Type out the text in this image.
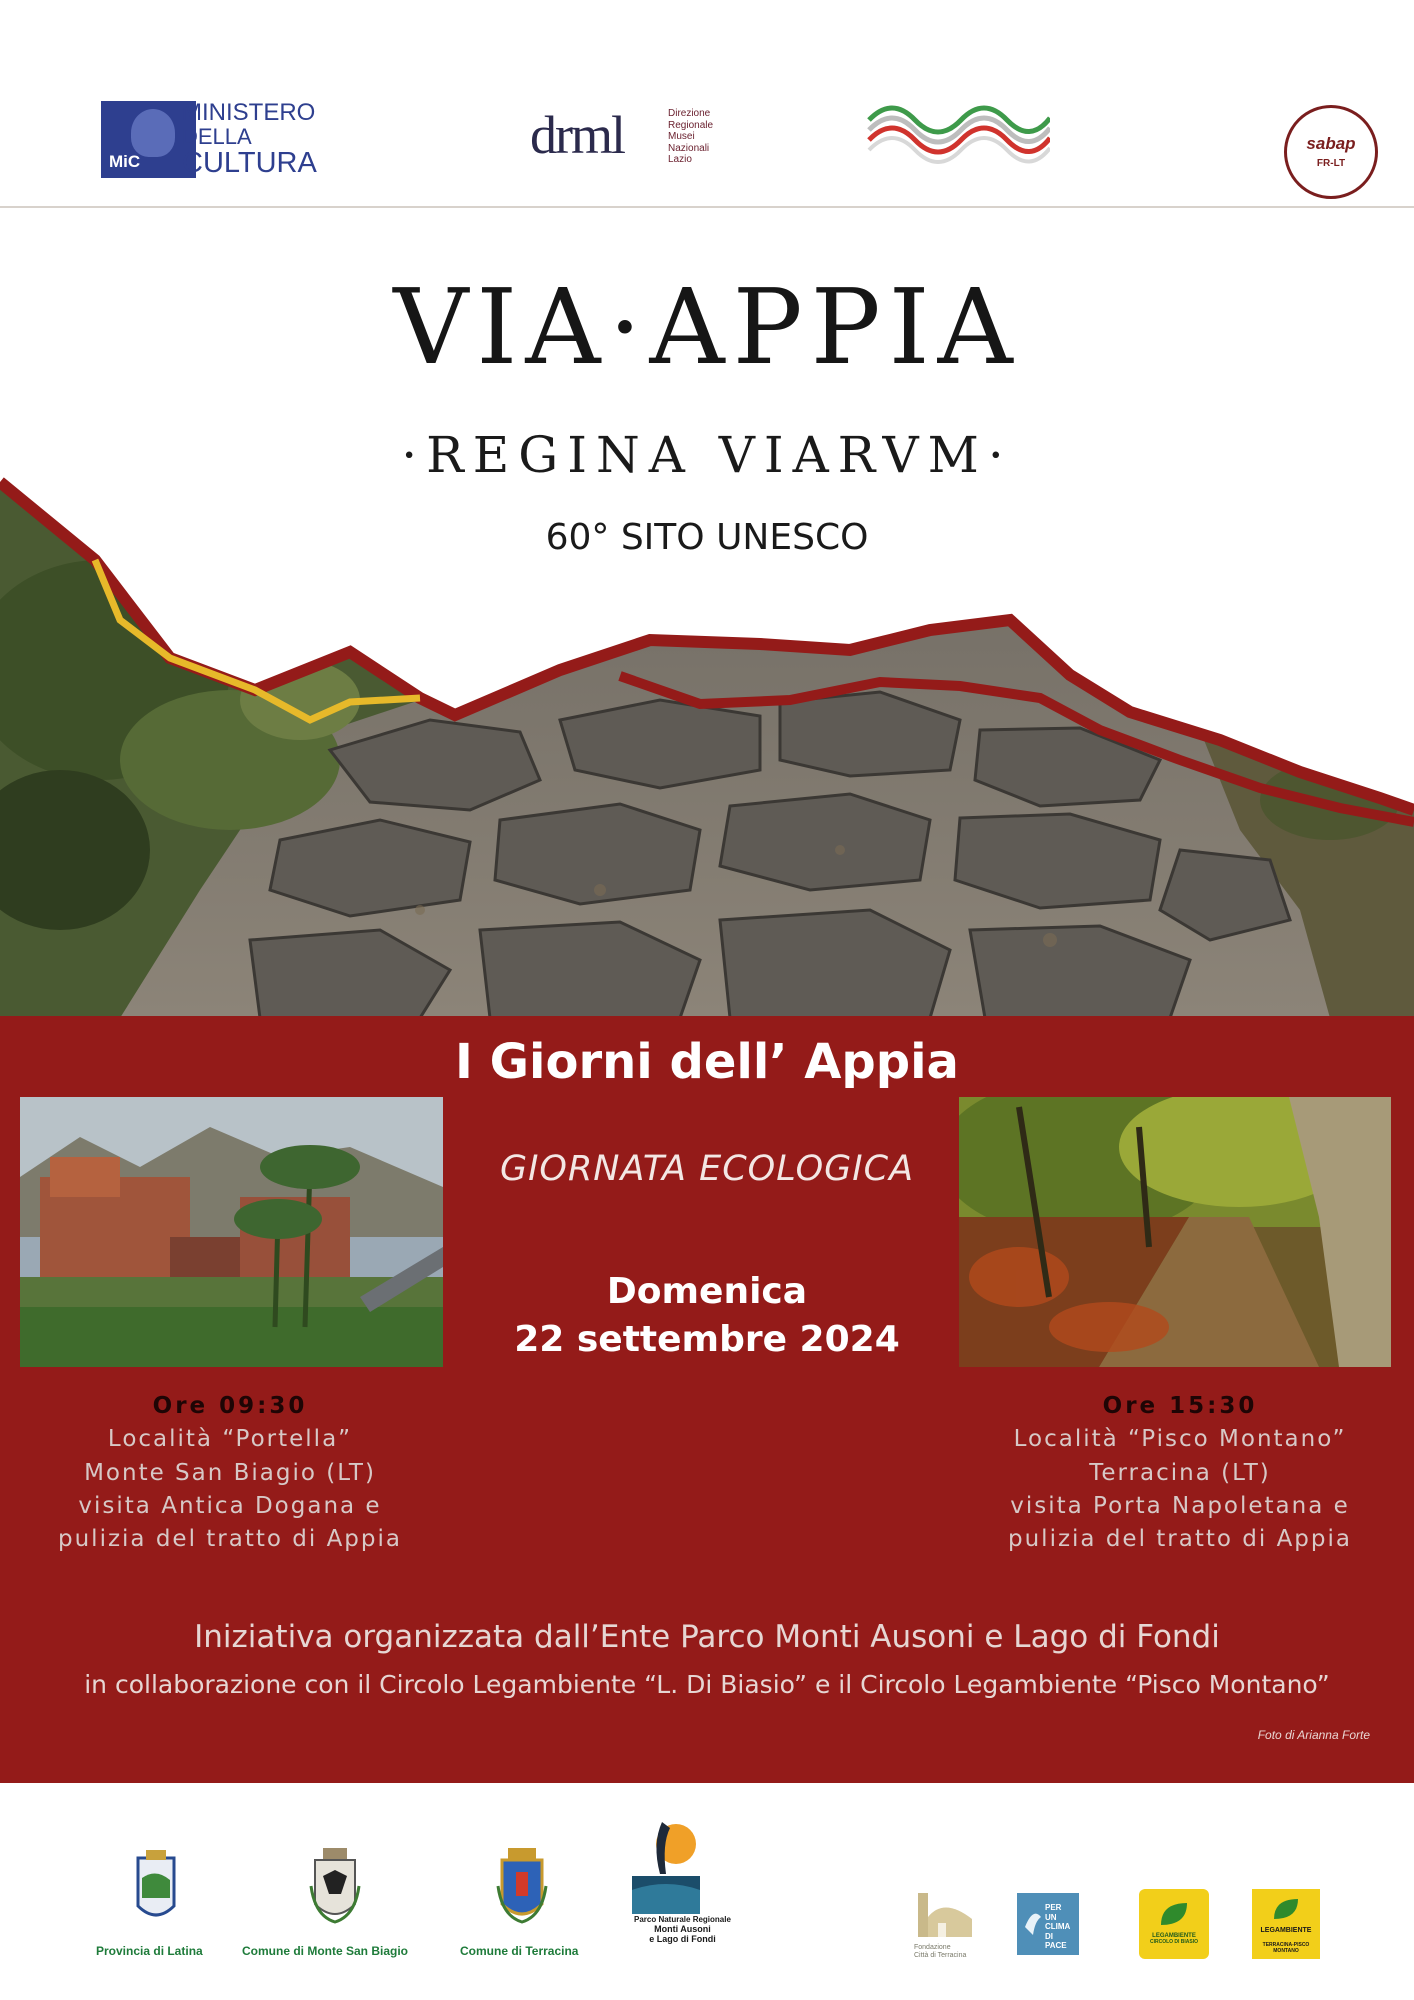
MiC
MINISTERO
DELLA
CULTURA	drml	Direzione
Regionale
Musei
Nazionali
Lazio
sabap
FR-LT
VIA·APPIA
·REGINA VIARVM·
60° SITO UNESCO
I Giorni dell’ Appia
GIORNATA ECOLOGICA
Domenica
22 settembre 2024
Ore 09:30
Località “Portella”
Monte San Biagio (LT)
visita Antica Dogana e
pulizia del tratto di Appia
Ore 15:30
Località “Pisco Montano”
Terracina (LT)
visita Porta Napoletana e
pulizia del tratto di Appia
Iniziativa organizzata dall’Ente Parco Monti Ausoni e Lago di Fondi
in collaborazione con il Circolo Legambiente “L. Di Biasio” e il Circolo Legambiente “Pisco Montano”
Foto di Arianna Forte
Provincia di Latina	Comune di Monte San Biagio	Comune di Terracina
Parco Naturale Regionale
Monti Ausoni
e Lago di Fondi
Fondazione
Città di Terracina
PER UN
CLIMA
DI PACE
LEGAMBIENTE
CIRCOLO DI BIASIO
LEGAMBIENTE
TERRACINA-PISCO MONTANO
